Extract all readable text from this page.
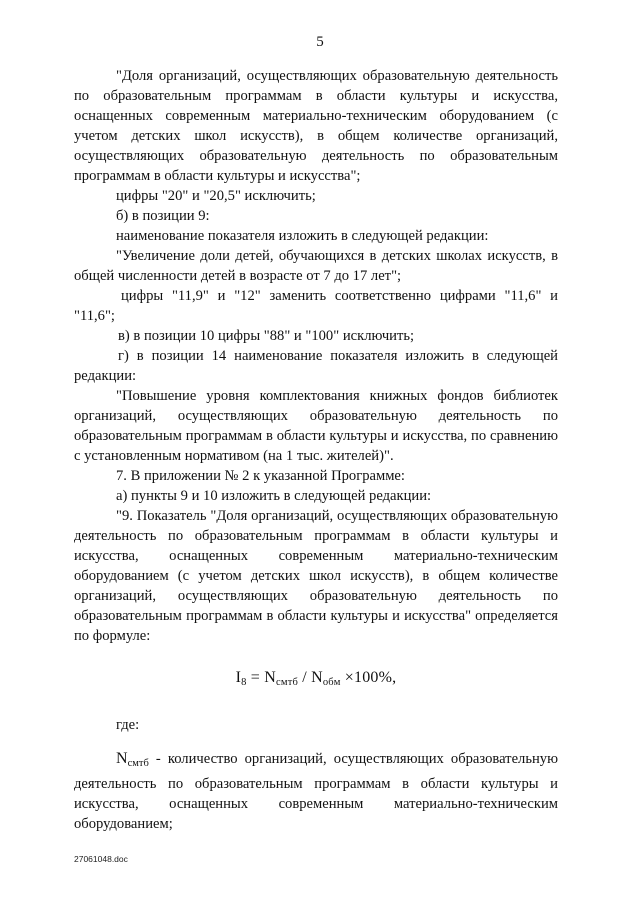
5

"Доля организаций, осуществляющих образовательную деятельность по образовательным программам в области культуры и искусства, оснащенных современным материально-техническим оборудованием (с учетом детских школ искусств), в общем количестве организаций, осуществляющих образовательную деятельность по образовательным программам в области культуры и искусства";

цифры "20" и "20,5" исключить;

б) в позиции 9:

наименование показателя изложить в следующей редакции:

"Увеличение доли детей, обучающихся в детских школах искусств, в общей численности детей в возрасте от 7 до 17 лет";

цифры "11,9" и "12" заменить соответственно цифрами "11,6" и "11,6";

в) в позиции 10 цифры "88" и "100" исключить;

г) в позиции 14 наименование показателя изложить в следующей редакции:

"Повышение уровня комплектования книжных фондов библиотек организаций, осуществляющих образовательную деятельность по образовательным программам в области культуры и искусства, по сравнению с установленным нормативом (на 1 тыс. жителей)".

7. В приложении № 2 к указанной Программе:

а) пункты 9 и 10 изложить в следующей редакции:

"9. Показатель "Доля организаций, осуществляющих образовательную деятельность по образовательным программам в области культуры и искусства, оснащенных современным материально-техническим оборудованием (с учетом детских школ искусств), в общем количестве организаций, осуществляющих образовательную деятельность по образовательным программам в области культуры и искусства" определяется по формуле:

$I_8 = N_{смтб} / N_{обм} \times 100\%$,

где:

$N_{смтб}$ - количество организаций, осуществляющих образовательную деятельность по образовательным программам в области культуры и искусства, оснащенных современным материально-техническим оборудованием;

27061048.doc
